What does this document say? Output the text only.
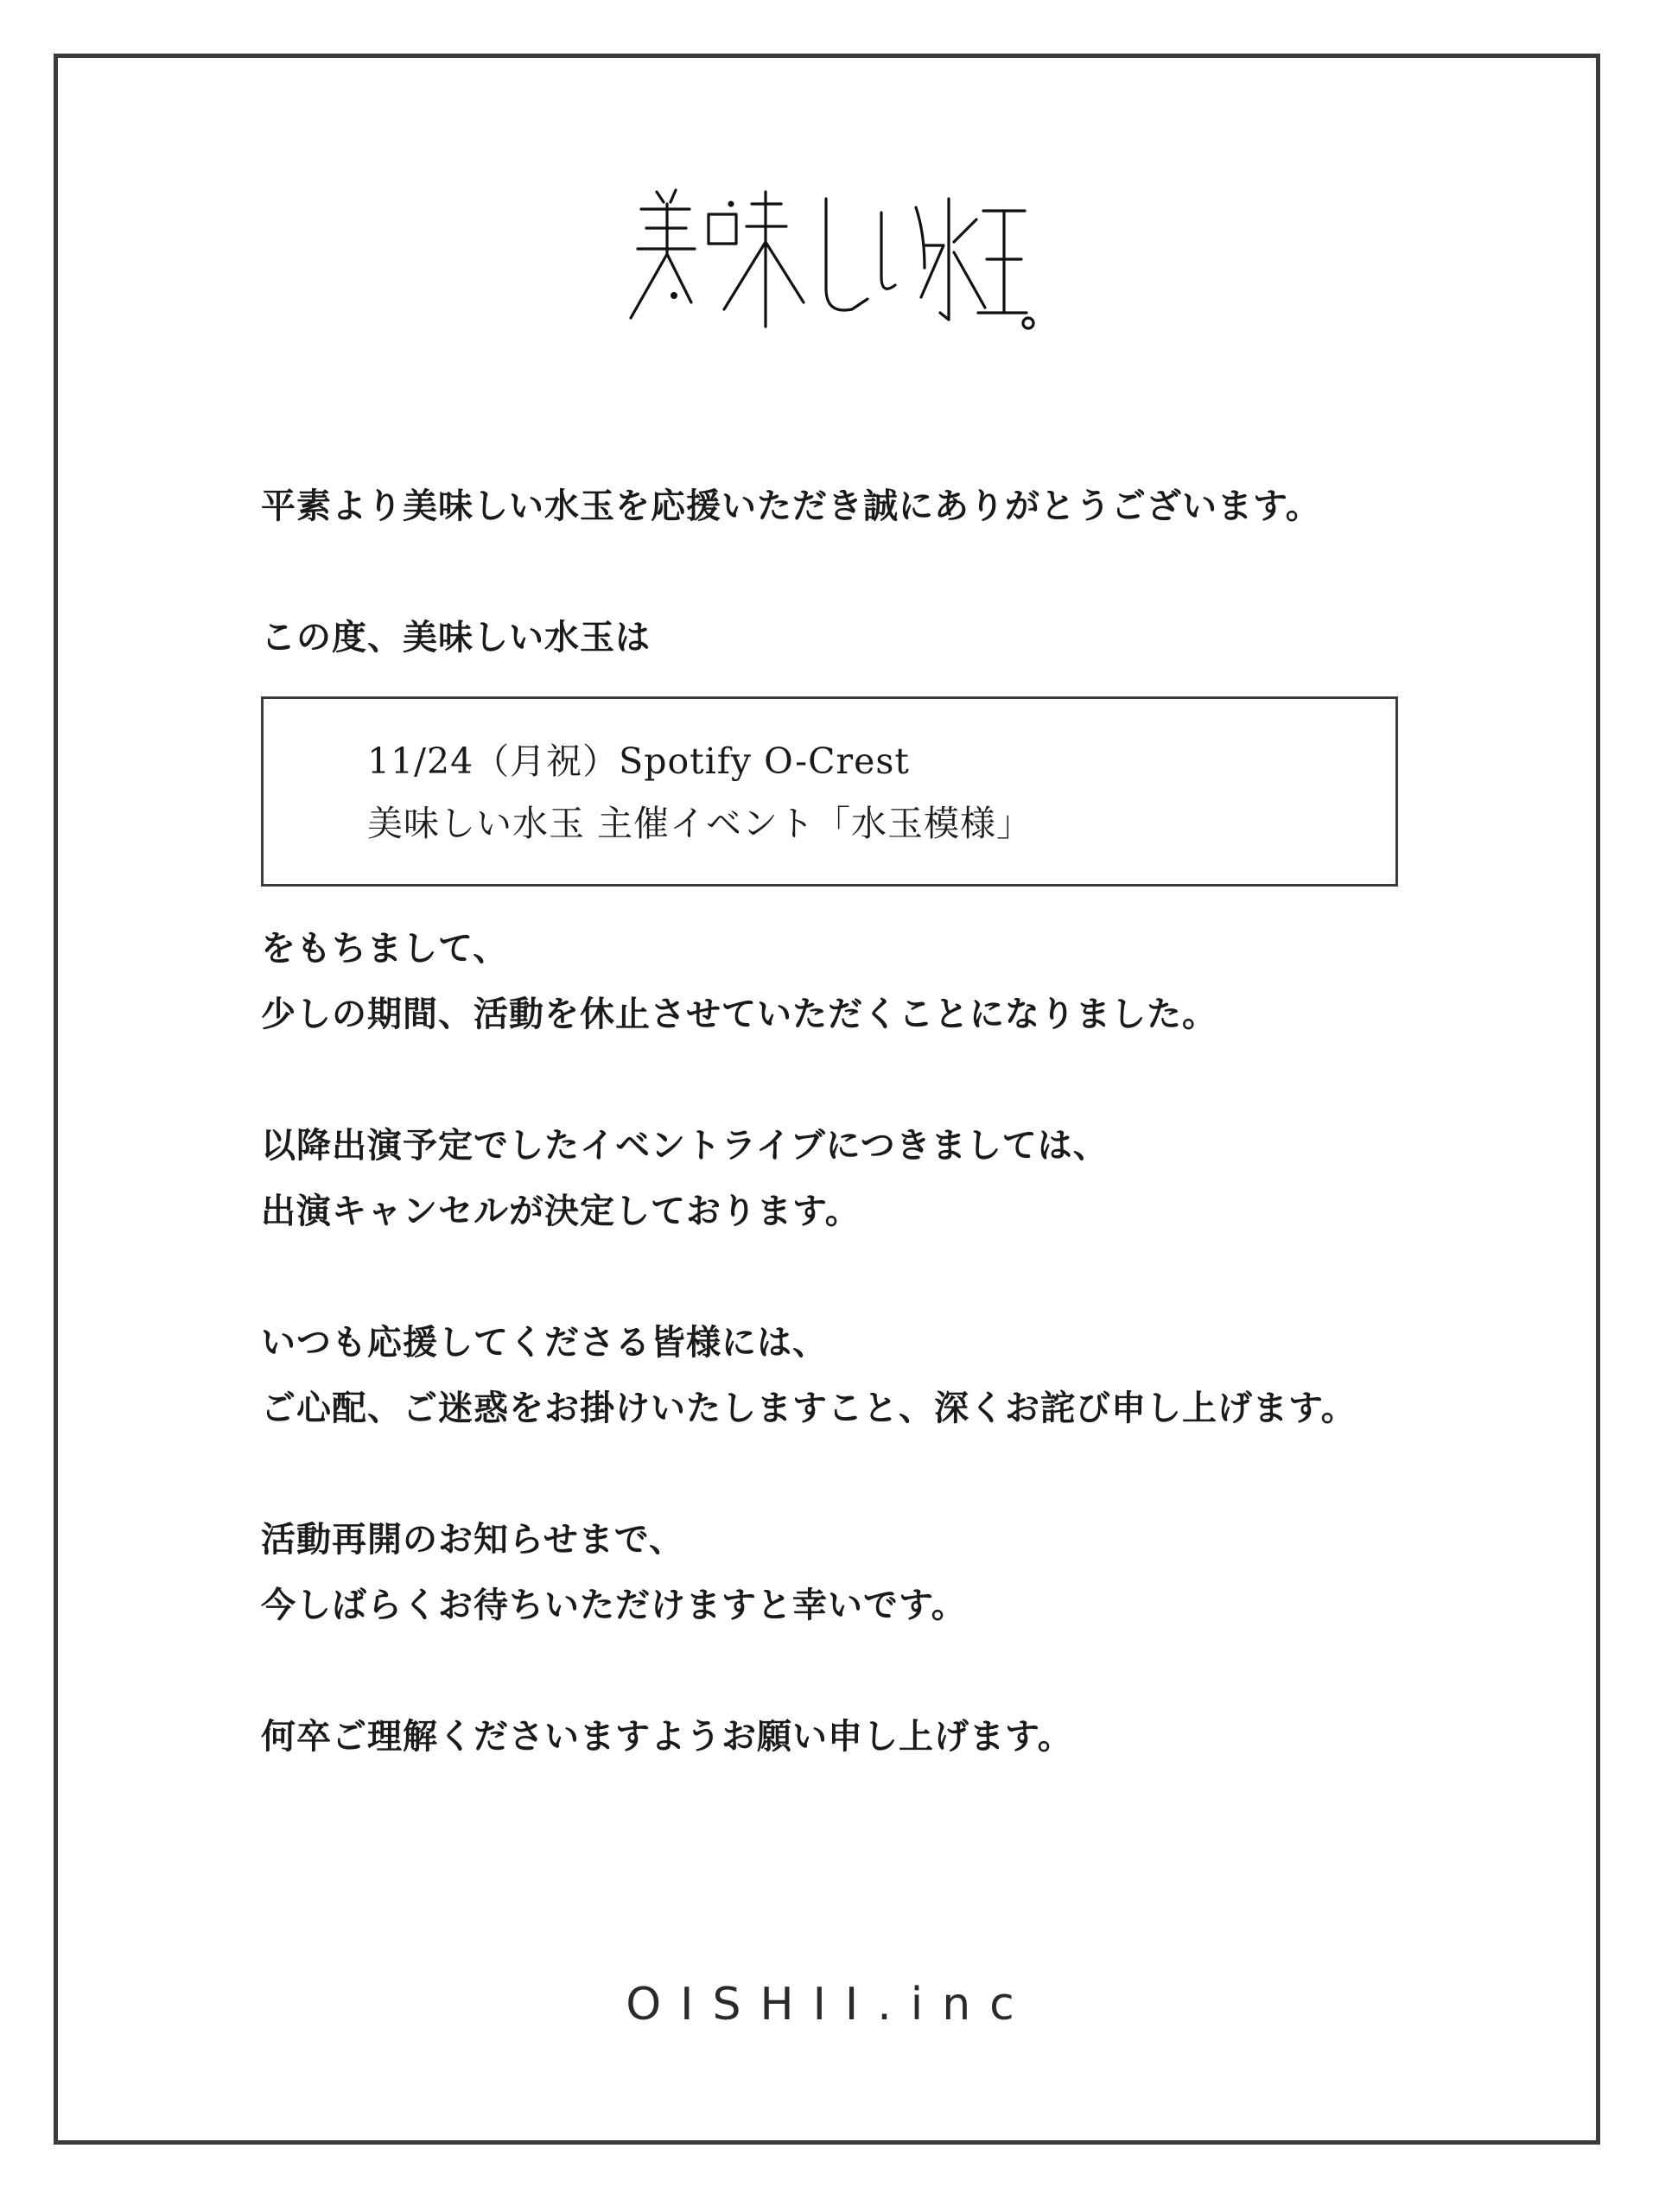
平素より美味しい水玉を応援いただき誠にありがとうございます。
この度、美味しい水玉は
11/24（月祝）Spotify O-Crest
美味しい水玉 主催イベント「水玉模様」
をもちまして、
少しの期間、活動を休止させていただくことになりました。
以降出演予定でしたイベントライブにつきましては、
出演キャンセルが決定しております。
いつも応援してくださる皆様には、
ご心配、ご迷惑をお掛けいたしますこと、深くお詫び申し上げます。
活動再開のお知らせまで、
今しばらくお待ちいただけますと幸いです。
何卒ご理解くださいますようお願い申し上げます。
OISHII.inc
